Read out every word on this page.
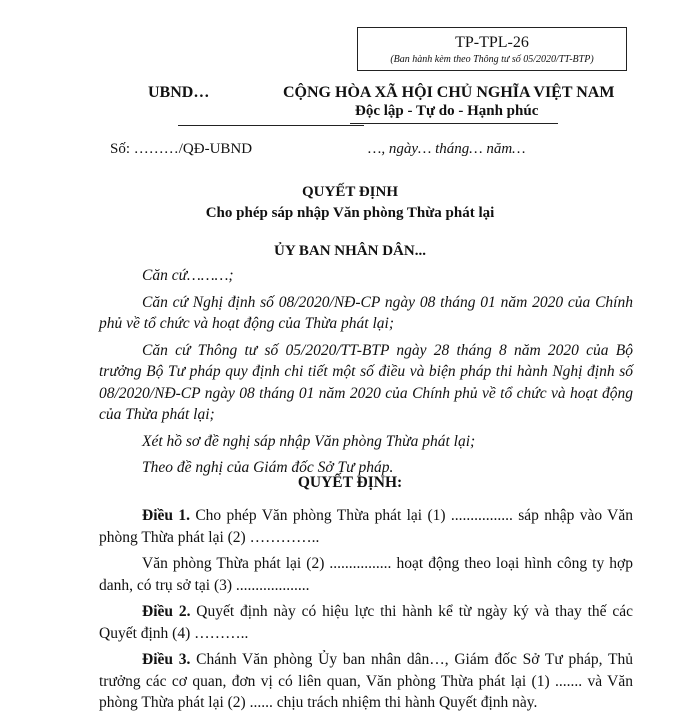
TP-TPL-26
(Ban hành kèm theo Thông tư số 05/2020/TT-BTP)
UBND…	CỘNG HÒA XÃ HỘI CHỦ NGHĨA VIỆT NAM
Độc lập - Tự do - Hạnh phúc
Số: ………/QĐ-UBND	…, ngày… tháng… năm…
QUYẾT ĐỊNH
Cho phép sáp nhập Văn phòng Thừa phát lại
ỦY BAN NHÂN DÂN...

Căn cứ………;

Căn cứ Nghị định số 08/2020/NĐ-CP ngày 08 tháng 01 năm 2020 của Chính phủ về tổ chức và hoạt động của Thừa phát lại;

Căn cứ Thông tư số 05/2020/TT-BTP ngày 28 tháng 8 năm 2020 của Bộ trưởng Bộ Tư pháp quy định chi tiết một số điều và biện pháp thi hành Nghị định số 08/2020/NĐ-CP ngày 08 tháng 01 năm 2020 của Chính phủ về tổ chức và hoạt động của Thừa phát lại;

Xét hồ sơ đề nghị sáp nhập Văn phòng Thừa phát lại;

Theo đề nghị của Giám đốc Sở Tư pháp.

QUYẾT ĐỊNH:

Điều 1. Cho phép Văn phòng Thừa phát lại (1) ................ sáp nhập vào Văn phòng Thừa phát lại (2) …………..

Văn phòng Thừa phát lại (2) ................ hoạt động theo loại hình công ty hợp danh, có trụ sở tại (3) ...................

Điều 2. Quyết định này có hiệu lực thi hành kể từ ngày ký và thay thế các Quyết định (4) ………..

Điều 3. Chánh Văn phòng Ủy ban nhân dân…, Giám đốc Sở Tư pháp, Thủ trưởng các cơ quan, đơn vị có liên quan, Văn phòng Thừa phát lại (1) ....... và Văn phòng Thừa phát lại (2) ...... chịu trách nhiệm thi hành Quyết định này.
